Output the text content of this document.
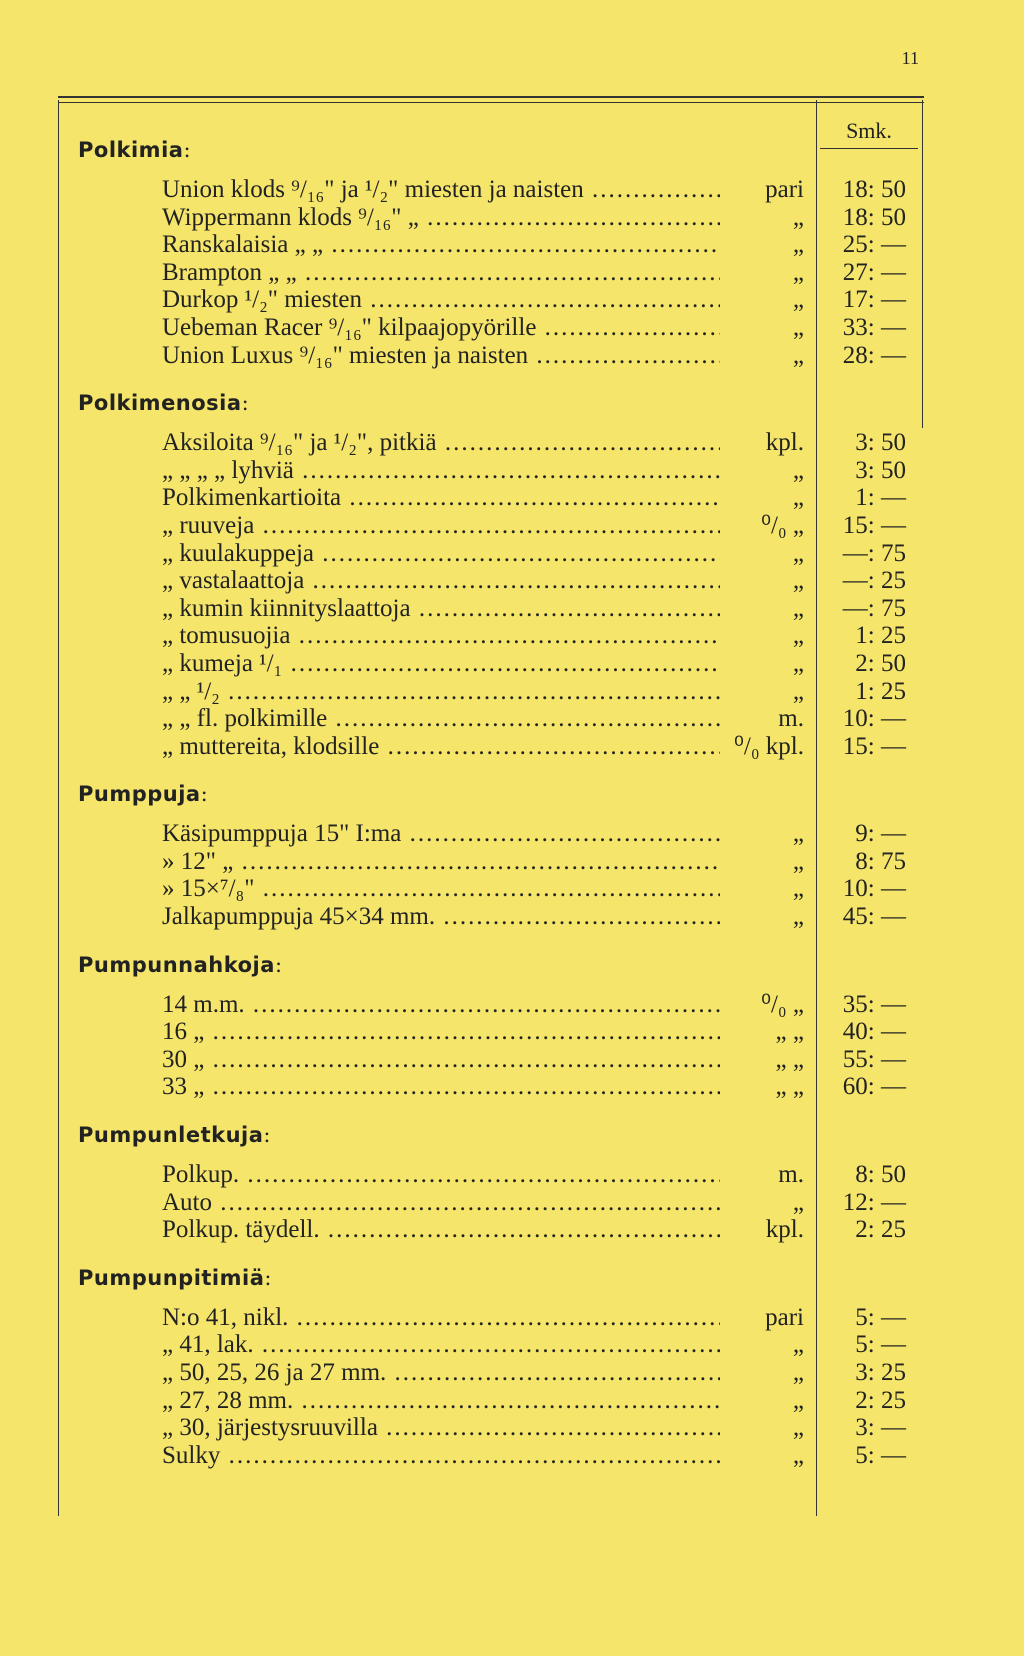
11
Smk.
Polkimia:
Union klods ⁹/₁₆" ja ¹/₂" miesten ja naisten .....	pari	18: 50
Wippermann klods ⁹/₁₆" „ .....	„	18: 50
Ranskalaisia „ „ .....	„	25: —
Brampton „ „ .....	„	27: —
Durkop ¹/₂" miesten .....	„	17: —
Uebeman Racer ⁹/₁₆" kilpaajopyörille .....	„	33: —
Union Luxus ⁹/₁₆" miesten ja naisten .....	„	28: —
Polkimenosia:
Aksiloita ⁹/₁₆" ja ¹/₂", pitkiä .....	kpl.	3: 50
„ „ „ „ lyhviä .....	„	3: 50
Polkimenkartioita .....	„	1: —
„ ruuveja .....	⁰/₀ „	15: —
„ kuulakuppeja .....	„	—: 75
„ vastalaattoja .....	„	—: 25
„ kumin kiinnityslaattoja .....	„	—: 75
„ tomusuojia .....	„	1: 25
„ kumeja ¹/₁ .....	„	2: 50
„ „ ¹/₂ .....	„	1: 25
„ „ fl. polkimille .....	m.	10: —
„ muttereita, klodsille .....	⁰/₀ kpl.	15: —
Pumppuja:
Käsipumppuja 15" I:ma .....	„	9: —
» 12" „ .....	„	8: 75
» 15×⁷/₈" .....	„	10: —
Jalkapumppuja 45×34 mm. .....	„	45: —
Pumpunnahkoja:
14 m.m. .....	⁰/₀ „	35: —
16 „ .....	„ „	40: —
30 „ .....	„ „	55: —
33 „ .....	„ „	60: —
Pumpunletkuja:
Polkup. .....	m.	8: 50
Auto .....	„	12: —
Polkup. täydell. .....	kpl.	2: 25
Pumpunpitimiä:
N:o 41, nikl. .....	pari	5: —
„ 41, lak. .....	„	5: —
„ 50, 25, 26 ja 27 mm. .....	„	3: 25
„ 27, 28 mm. .....	„	2: 25
„ 30, järjestysruuvilla .....	„	3: —
Sulky .....	„	5: —
